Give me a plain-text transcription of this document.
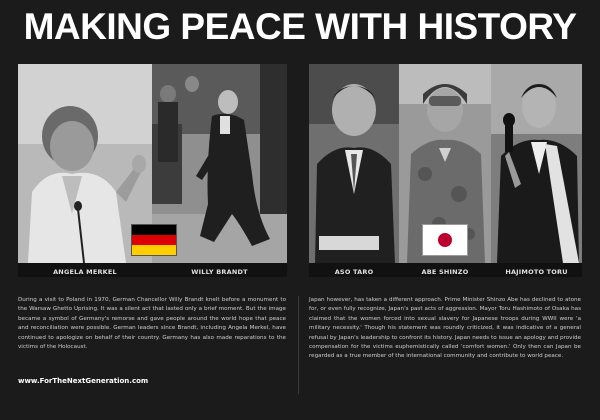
MAKING PEACE WITH HISTORY
ANGELA MERKEL	WILLY BRANDT	ASO TARO	ABE SHINZO	HAJIMOTO TORU
During a visit to Poland in 1970, German Chancellor Willy Brandt knelt before a monument to the Warsaw Ghetto Uprising. It was a silent act that lasted only a brief moment. But the image became a symbol of Germany's remorse and gave people around the world hope that peace and reconciliation were possible. German leaders since Brandt, including Angela Merkel, have continued to apologize on behalf of their country. Germany has also made reparations to the victims of the Holocaust.
Japan however, has taken a different approach. Prime Minister Shinzo Abe has declined to atone for, or even fully recognize, Japan's past acts of aggression. Mayor Toru Hashimoto of Osaka has claimed that the women forced into sexual slavery for Japanese troops during WWII were 'a military necessity.' Though his statement was roundly criticized, it was indicative of a general refusal by Japan's leadership to confront its history. Japan needs to issue an apology and provide compensation for the victims euphemistically called 'comfort women.' Only then can Japan be regarded as a true member of the international community and contribute to world peace.
www.ForTheNextGeneration.com
